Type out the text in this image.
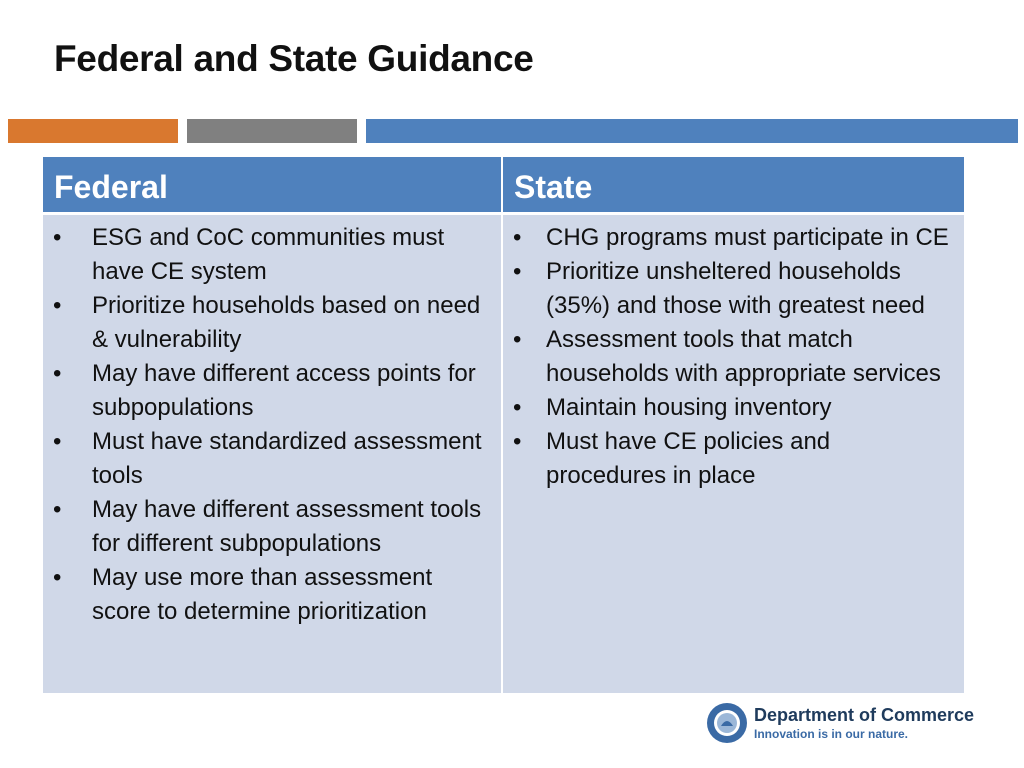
Federal and State Guidance
Federal	State
• ESG and CoC communities must have CE system
• Prioritize households based on need & vulnerability
• May have different access points for subpopulations
• Must have standardized assessment tools
• May have different assessment tools for different subpopulations
• May use more than assessment score to determine prioritization
• CHG programs must participate in CE
• Prioritize unsheltered households (35%) and those with greatest need
• Assessment tools that match households with appropriate services
• Maintain housing inventory
• Must have CE policies and procedures in place
Department of Commerce
Innovation is in our nature.
